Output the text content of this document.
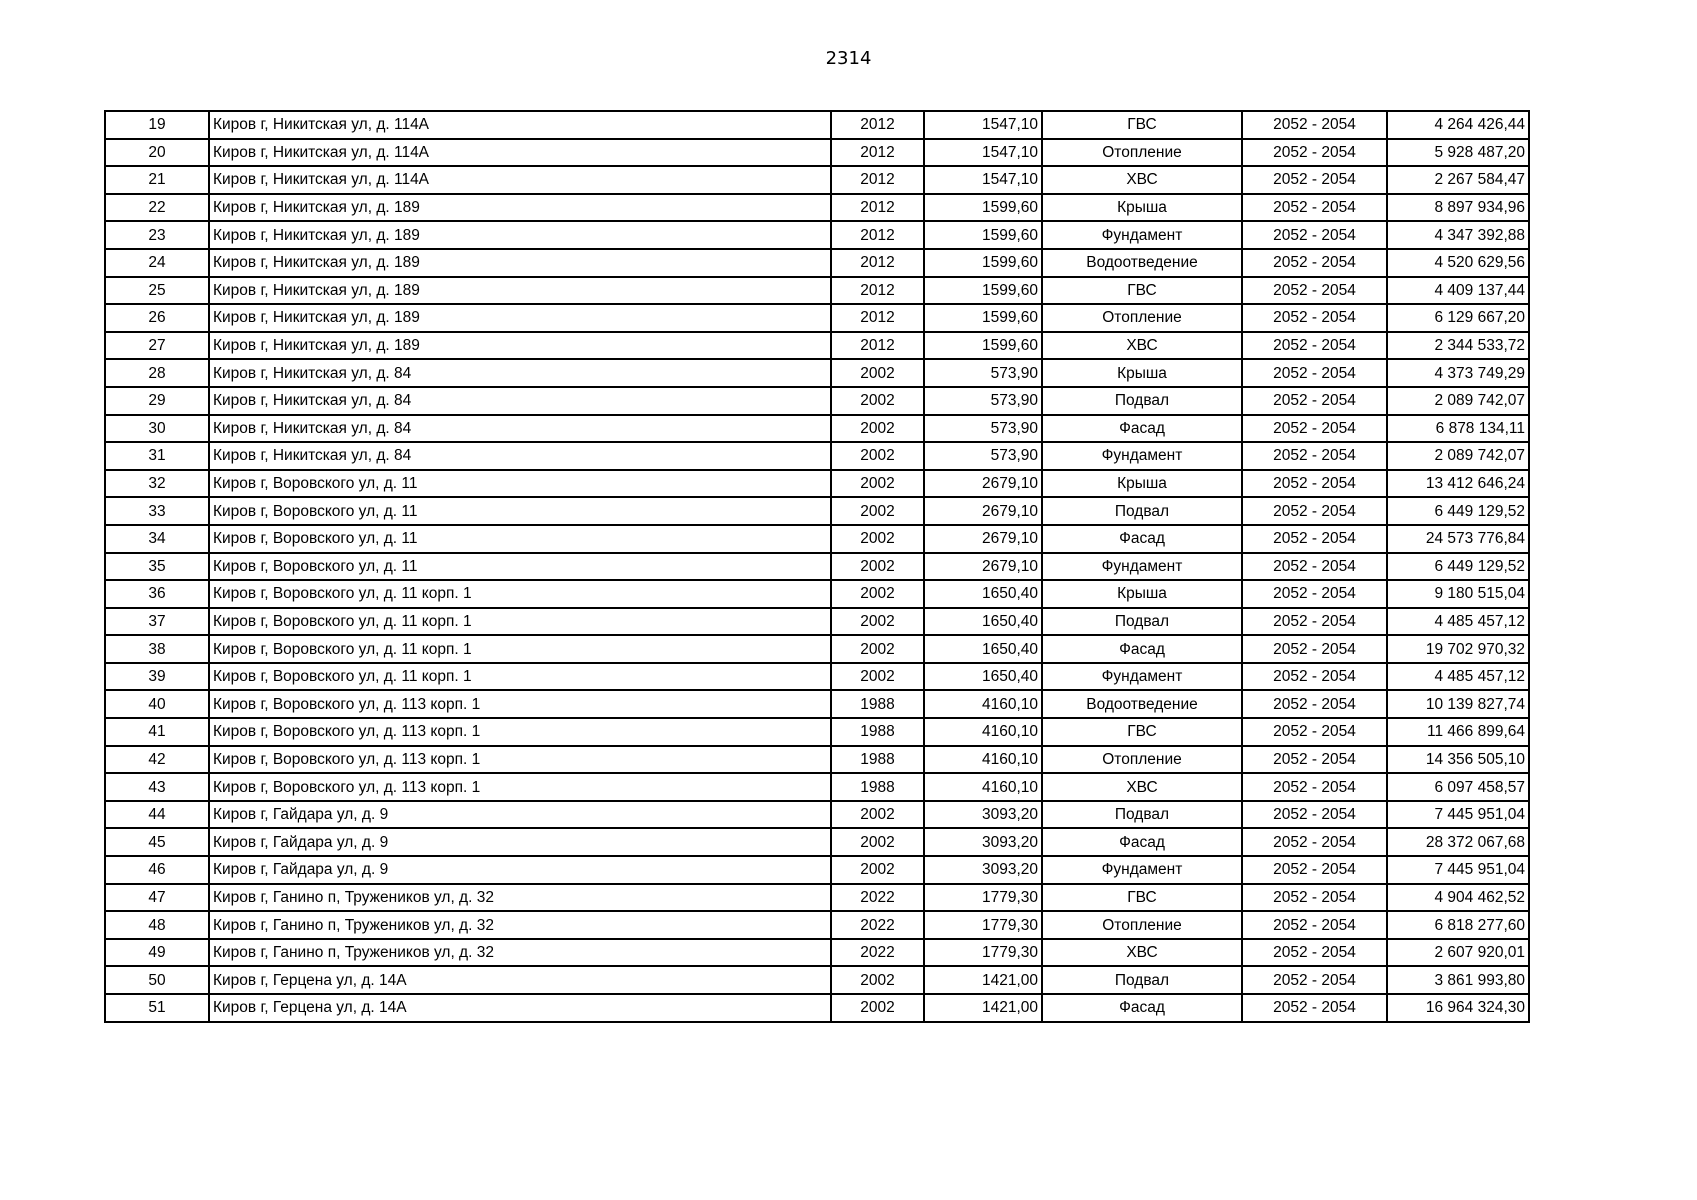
2314
19	Киров г, Никитская ул, д. 114А	2012	1547,10	ГВС	2052 - 2054	4 264 426,44
20	Киров г, Никитская ул, д. 114А	2012	1547,10	Отопление	2052 - 2054	5 928 487,20
21	Киров г, Никитская ул, д. 114А	2012	1547,10	ХВС	2052 - 2054	2 267 584,47
22	Киров г, Никитская ул, д. 189	2012	1599,60	Крыша	2052 - 2054	8 897 934,96
23	Киров г, Никитская ул, д. 189	2012	1599,60	Фундамент	2052 - 2054	4 347 392,88
24	Киров г, Никитская ул, д. 189	2012	1599,60	Водоотведение	2052 - 2054	4 520 629,56
25	Киров г, Никитская ул, д. 189	2012	1599,60	ГВС	2052 - 2054	4 409 137,44
26	Киров г, Никитская ул, д. 189	2012	1599,60	Отопление	2052 - 2054	6 129 667,20
27	Киров г, Никитская ул, д. 189	2012	1599,60	ХВС	2052 - 2054	2 344 533,72
28	Киров г, Никитская ул, д. 84	2002	573,90	Крыша	2052 - 2054	4 373 749,29
29	Киров г, Никитская ул, д. 84	2002	573,90	Подвал	2052 - 2054	2 089 742,07
30	Киров г, Никитская ул, д. 84	2002	573,90	Фасад	2052 - 2054	6 878 134,11
31	Киров г, Никитская ул, д. 84	2002	573,90	Фундамент	2052 - 2054	2 089 742,07
32	Киров г, Воровского ул, д. 11	2002	2679,10	Крыша	2052 - 2054	13 412 646,24
33	Киров г, Воровского ул, д. 11	2002	2679,10	Подвал	2052 - 2054	6 449 129,52
34	Киров г, Воровского ул, д. 11	2002	2679,10	Фасад	2052 - 2054	24 573 776,84
35	Киров г, Воровского ул, д. 11	2002	2679,10	Фундамент	2052 - 2054	6 449 129,52
36	Киров г, Воровского ул, д. 11 корп. 1	2002	1650,40	Крыша	2052 - 2054	9 180 515,04
37	Киров г, Воровского ул, д. 11 корп. 1	2002	1650,40	Подвал	2052 - 2054	4 485 457,12
38	Киров г, Воровского ул, д. 11 корп. 1	2002	1650,40	Фасад	2052 - 2054	19 702 970,32
39	Киров г, Воровского ул, д. 11 корп. 1	2002	1650,40	Фундамент	2052 - 2054	4 485 457,12
40	Киров г, Воровского ул, д. 113 корп. 1	1988	4160,10	Водоотведение	2052 - 2054	10 139 827,74
41	Киров г, Воровского ул, д. 113 корп. 1	1988	4160,10	ГВС	2052 - 2054	11 466 899,64
42	Киров г, Воровского ул, д. 113 корп. 1	1988	4160,10	Отопление	2052 - 2054	14 356 505,10
43	Киров г, Воровского ул, д. 113 корп. 1	1988	4160,10	ХВС	2052 - 2054	6 097 458,57
44	Киров г, Гайдара ул, д. 9	2002	3093,20	Подвал	2052 - 2054	7 445 951,04
45	Киров г, Гайдара ул, д. 9	2002	3093,20	Фасад	2052 - 2054	28 372 067,68
46	Киров г, Гайдара ул, д. 9	2002	3093,20	Фундамент	2052 - 2054	7 445 951,04
47	Киров г, Ганино п, Тружеников ул, д. 32	2022	1779,30	ГВС	2052 - 2054	4 904 462,52
48	Киров г, Ганино п, Тружеников ул, д. 32	2022	1779,30	Отопление	2052 - 2054	6 818 277,60
49	Киров г, Ганино п, Тружеников ул, д. 32	2022	1779,30	ХВС	2052 - 2054	2 607 920,01
50	Киров г, Герцена ул, д. 14А	2002	1421,00	Подвал	2052 - 2054	3 861 993,80
51	Киров г, Герцена ул, д. 14А	2002	1421,00	Фасад	2052 - 2054	16 964 324,30
